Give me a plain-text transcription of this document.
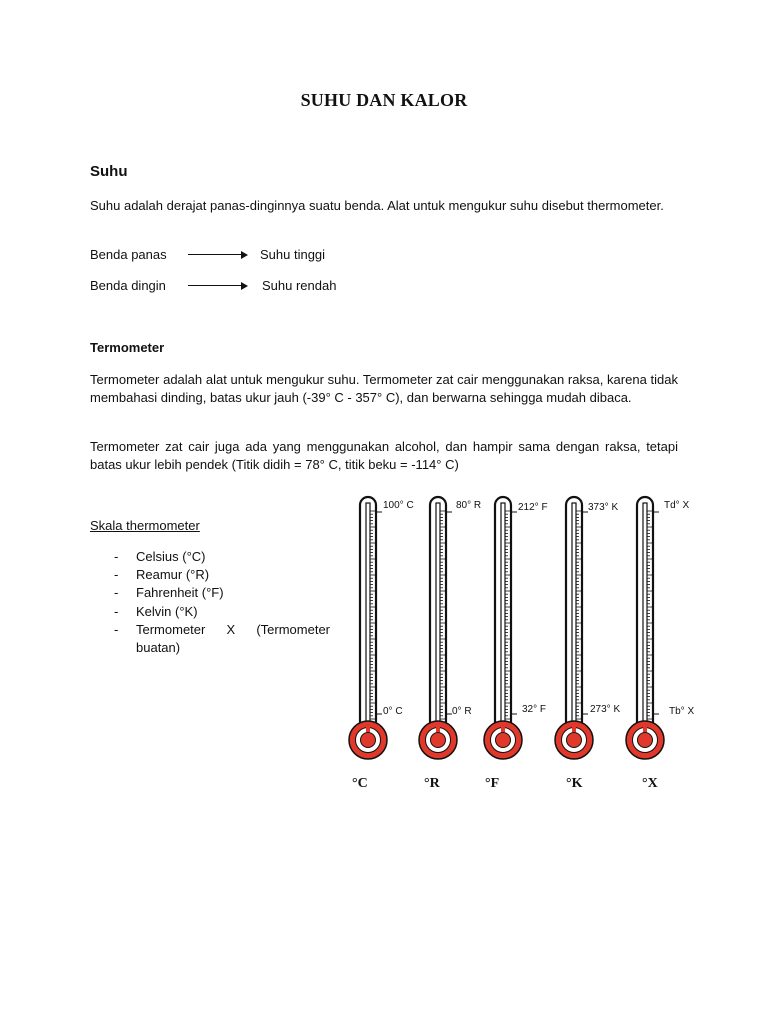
SUHU DAN KALOR
Suhu
Suhu adalah derajat panas-dinginnya suatu benda. Alat untuk mengukur suhu disebut thermometer.
Benda panas	Suhu tinggi
Benda dingin	Suhu rendah
Termometer
Termometer adalah alat untuk mengukur suhu. Termometer zat cair menggunakan raksa, karena tidak membahasi dinding, batas ukur jauh (-39° C - 357° C), dan berwarna sehingga mudah dibaca.
Termometer zat cair juga ada yang menggunakan alcohol, dan hampir sama dengan raksa, tetapi batas ukur lebih pendek (Titik didih = 78° C, titik beku = -114° C)
Skala thermometer
- Celsius (°C)
- Reamur (°R)
- Fahrenheit (°F)
- Kelvin (°K)
- Termometer X (Termometer buatan)
100° C	80° R	212° F	373° K	Td° X
0° C	0° R	32° F	273° K	Tb° X
°C	°R	°F	°K	°X
